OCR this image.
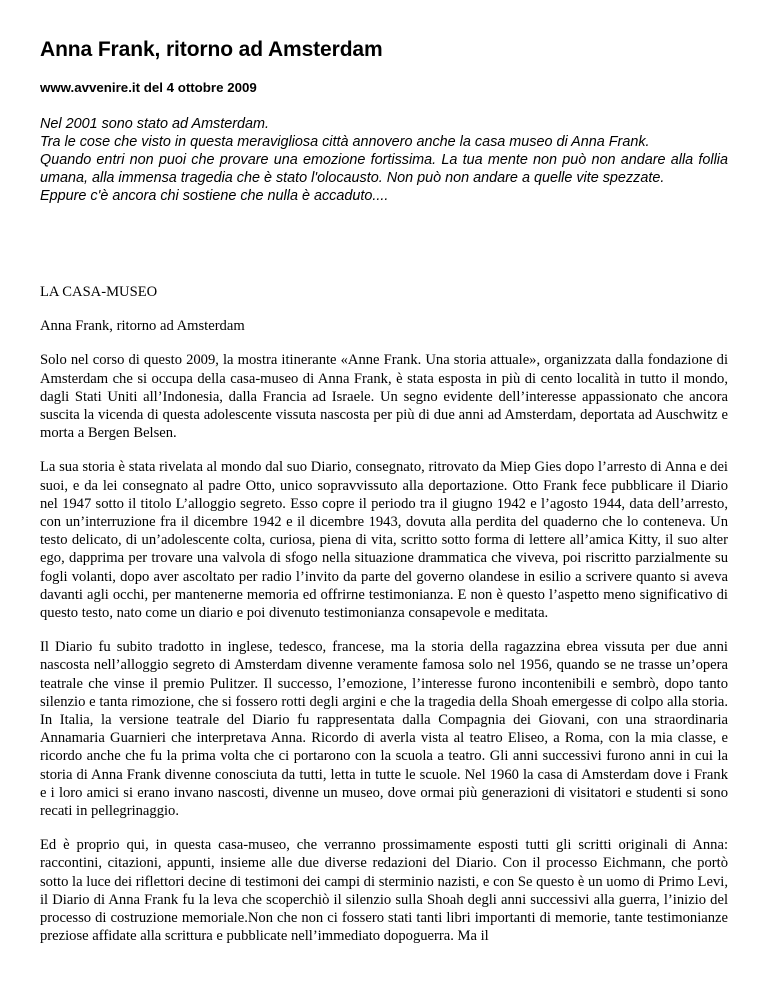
Anna Frank, ritorno ad Amsterdam
www.avvenire.it del 4 ottobre 2009

Nel 2001 sono stato ad Amsterdam.

Tra le cose che visto in questa meravigliosa città annovero anche la casa museo di Anna Frank.

Quando entri non puoi che provare una emozione fortissima. La tua mente non può non andare alla follia umana, alla immensa tragedia che è stato l'olocausto. Non può non andare a quelle vite spezzate.

Eppure c'è ancora chi sostiene che nulla è accaduto....

LA CASA-MUSEO
Anna Frank, ritorno ad Amsterdam

Solo nel corso di questo 2009, la mostra itinerante «Anne Frank. Una storia attuale», organizzata dalla fondazione di Amsterdam che si occupa della casa-museo di Anna Frank, è stata esposta in più di cento località in tutto il mondo, dagli Stati Uniti all’Indonesia, dalla Francia ad Israele. Un segno evidente dell’interesse appassionato che ancora suscita la vicenda di questa adolescente vissuta nascosta per più di due anni ad Amsterdam, deportata ad Auschwitz e morta a Bergen Belsen.

La sua storia è stata rivelata al mondo dal suo Diario, consegnato, ritrovato da Miep Gies dopo l’arresto di Anna e dei suoi, e da lei consegnato al padre Otto, unico sopravvissuto alla deportazione. Otto Frank fece pubblicare il Diario nel 1947 sotto il titolo L’alloggio segreto. Esso copre il periodo tra il giugno 1942 e l’agosto 1944, data dell’arresto, con un’interruzione fra il dicembre 1942 e il dicembre 1943, dovuta alla perdita del quaderno che lo conteneva. Un testo delicato, di un’adolescente colta, curiosa, piena di vita, scritto sotto forma di lettere all’amica Kitty, il suo alter ego, dapprima per trovare una valvola di sfogo nella situazione drammatica che viveva, poi riscritto parzialmente su fogli volanti, dopo aver ascoltato per radio l’invito da parte del governo olandese in esilio a scrivere quanto si aveva davanti agli occhi, per mantenerne memoria ed offrirne testimonianza. E non è questo l’aspetto meno significativo di questo testo, nato come un diario e poi divenuto testimonianza consapevole e meditata.

Il Diario fu subito tradotto in inglese, tedesco, francese, ma la storia della ragazzina ebrea vissuta per due anni nascosta nell’alloggio segreto di Amsterdam divenne veramente famosa solo nel 1956, quando se ne trasse un’opera teatrale che vinse il premio Pulitzer. Il successo, l’emozione, l’interesse furono incontenibili e sembrò, dopo tanto silenzio e tanta rimozione, che si fossero rotti degli argini e che la tragedia della Shoah emergesse di colpo alla storia. In Italia, la versione teatrale del Diario fu rappresentata dalla Compagnia dei Giovani, con una straordinaria Annamaria Guarnieri che interpretava Anna. Ricordo di averla vista al teatro Eliseo, a Roma, con la mia classe, e ricordo anche che fu la prima volta che ci portarono con la scuola a teatro. Gli anni successivi furono anni in cui la storia di Anna Frank divenne conosciuta da tutti, letta in tutte le scuole. Nel 1960 la casa di Amsterdam dove i Frank e i loro amici si erano invano nascosti, divenne un museo, dove ormai più generazioni di visitatori e studenti si sono recati in pellegrinaggio.

Ed è proprio qui, in questa casa-museo, che verranno prossimamente esposti tutti gli scritti originali di Anna: raccontini, citazioni, appunti, insieme alle due diverse redazioni del Diario. Con il processo Eichmann, che portò sotto la luce dei riflettori decine di testimoni dei campi di sterminio nazisti, e con Se questo è un uomo di Primo Levi, il Diario di Anna Frank fu la leva che scoperchiò il silenzio sulla Shoah degli anni successivi alla guerra, l’inizio del processo di costruzione memoriale.Non che non ci fossero stati tanti libri importanti di memorie, tante testimonianze preziose affidate alla scrittura e pubblicate nell’immediato dopoguerra. Ma il
